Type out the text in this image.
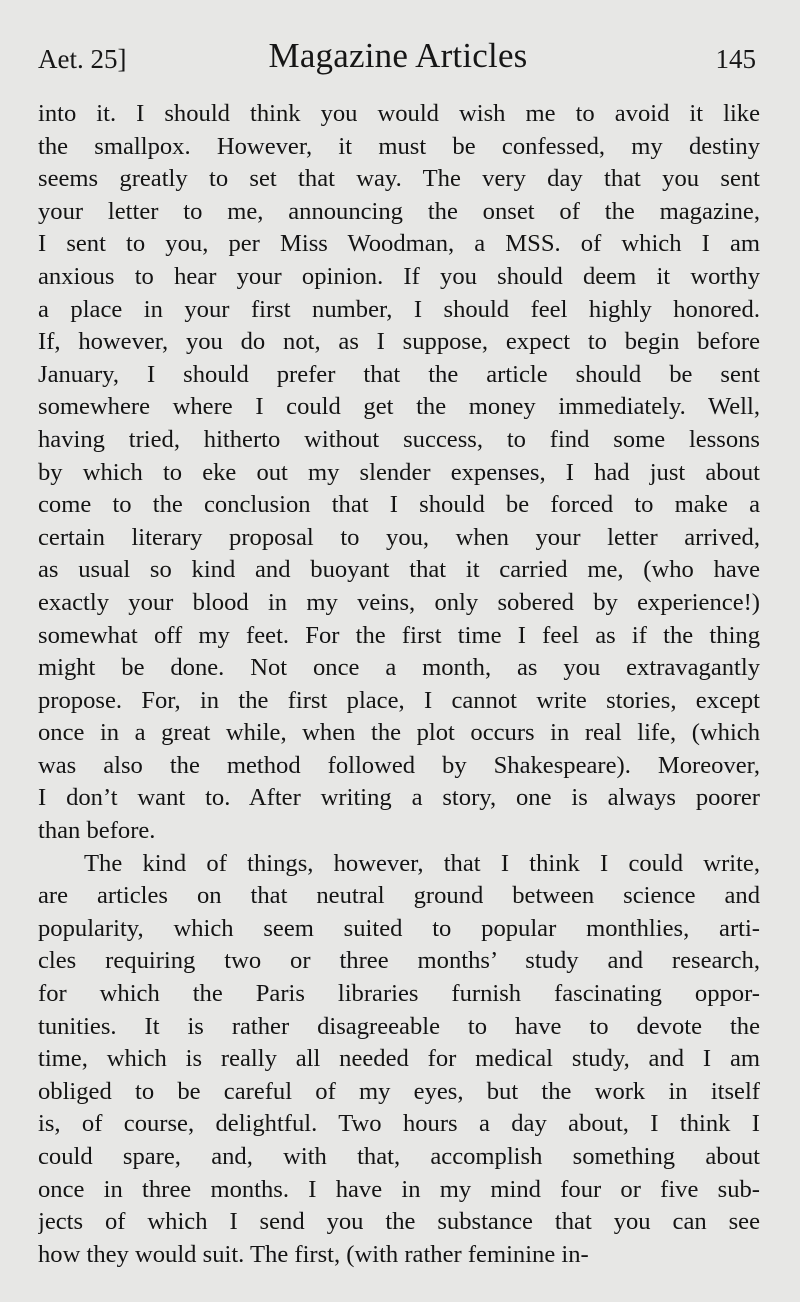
Aet. 25]	Magazine Articles	145
into it. I should think you would wish me to avoid it like
the smallpox. However, it must be confessed, my destiny
seems greatly to set that way. The very day that you sent
your letter to me, announcing the onset of the magazine,
I sent to you, per Miss Woodman, a MSS. of which I am
anxious to hear your opinion. If you should deem it worthy
a place in your first number, I should feel highly honored.
If, however, you do not, as I suppose, expect to begin before
January, I should prefer that the article should be sent
somewhere where I could get the money immediately. Well,
having tried, hitherto without success, to find some lessons
by which to eke out my slender expenses, I had just about
come to the conclusion that I should be forced to make a
certain literary proposal to you, when your letter arrived,
as usual so kind and buoyant that it carried me, (who have
exactly your blood in my veins, only sobered by experience!)
somewhat off my feet. For the first time I feel as if the thing
might be done. Not once a month, as you extravagantly
propose. For, in the first place, I cannot write stories, except
once in a great while, when the plot occurs in real life, (which
was also the method followed by Shakespeare). Moreover,
I don’t want to. After writing a story, one is always poorer
than before.
The kind of things, however, that I think I could write,
are articles on that neutral ground between science and
popularity, which seem suited to popular monthlies, arti-
cles requiring two or three months’ study and research,
for which the Paris libraries furnish fascinating oppor-
tunities. It is rather disagreeable to have to devote the
time, which is really all needed for medical study, and I am
obliged to be careful of my eyes, but the work in itself
is, of course, delightful. Two hours a day about, I think I
could spare, and, with that, accomplish something about
once in three months. I have in my mind four or five sub-
jects of which I send you the substance that you can see
how they would suit. The first, (with rather feminine in-
